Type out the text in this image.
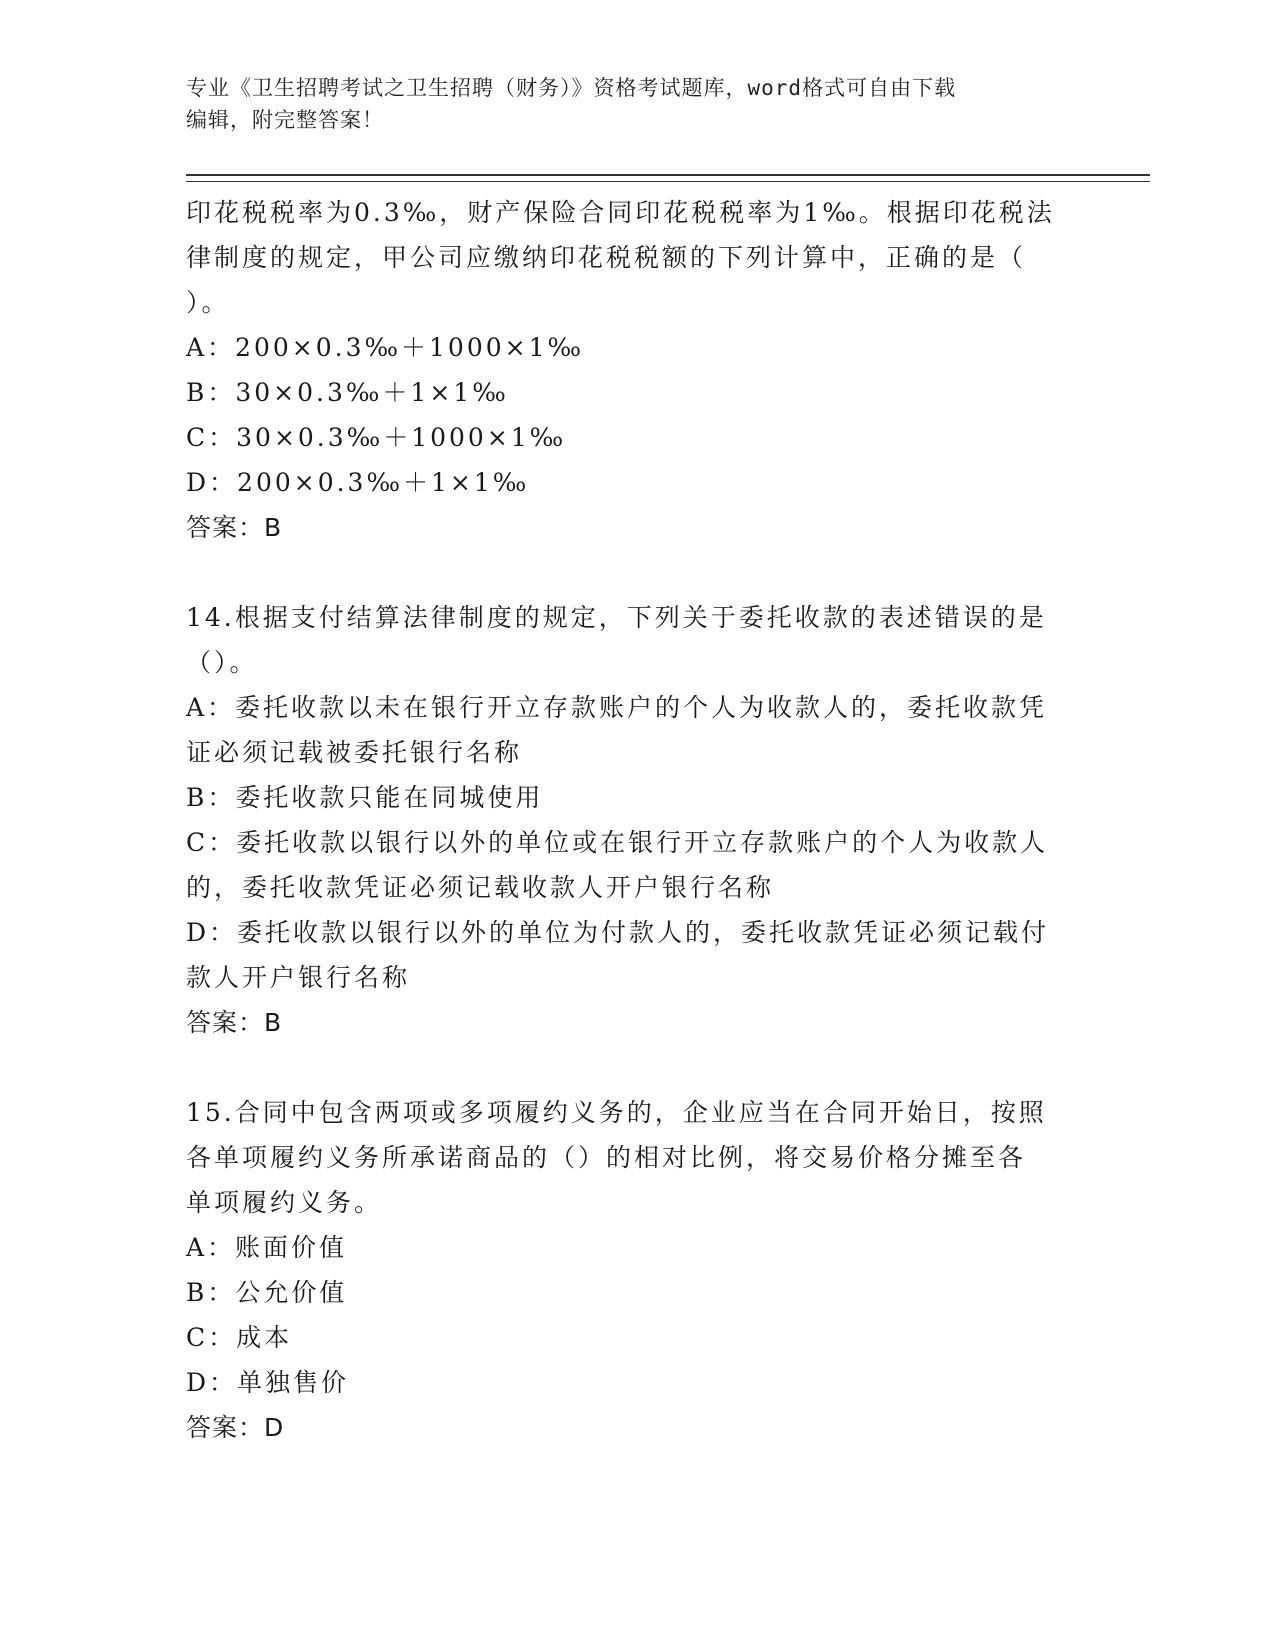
专业《卫生招聘考试之卫生招聘（财务）》资格考试题库，word格式可自由下载
编辑，附完整答案！
印花税税率为0.3‰，财产保险合同印花税税率为1‰。根据印花税法
律制度的规定，甲公司应缴纳印花税税额的下列计算中，正确的是（
）。
A：200×0.3‰＋1000×1‰
B：30×0.3‰＋1×1‰
C：30×0.3‰＋1000×1‰
D：200×0.3‰＋1×1‰
答案：B
14.根据支付结算法律制度的规定，下列关于委托收款的表述错误的是
（）。
A：委托收款以未在银行开立存款账户的个人为收款人的，委托收款凭
证必须记载被委托银行名称
B：委托收款只能在同城使用
C：委托收款以银行以外的单位或在银行开立存款账户的个人为收款人
的，委托收款凭证必须记载收款人开户银行名称
D：委托收款以银行以外的单位为付款人的，委托收款凭证必须记载付
款人开户银行名称
答案：B
15.合同中包含两项或多项履约义务的，企业应当在合同开始日，按照
各单项履约义务所承诺商品的（）的相对比例，将交易价格分摊至各
单项履约义务。
A：账面价值
B：公允价值
C：成本
D：单独售价
答案：D
